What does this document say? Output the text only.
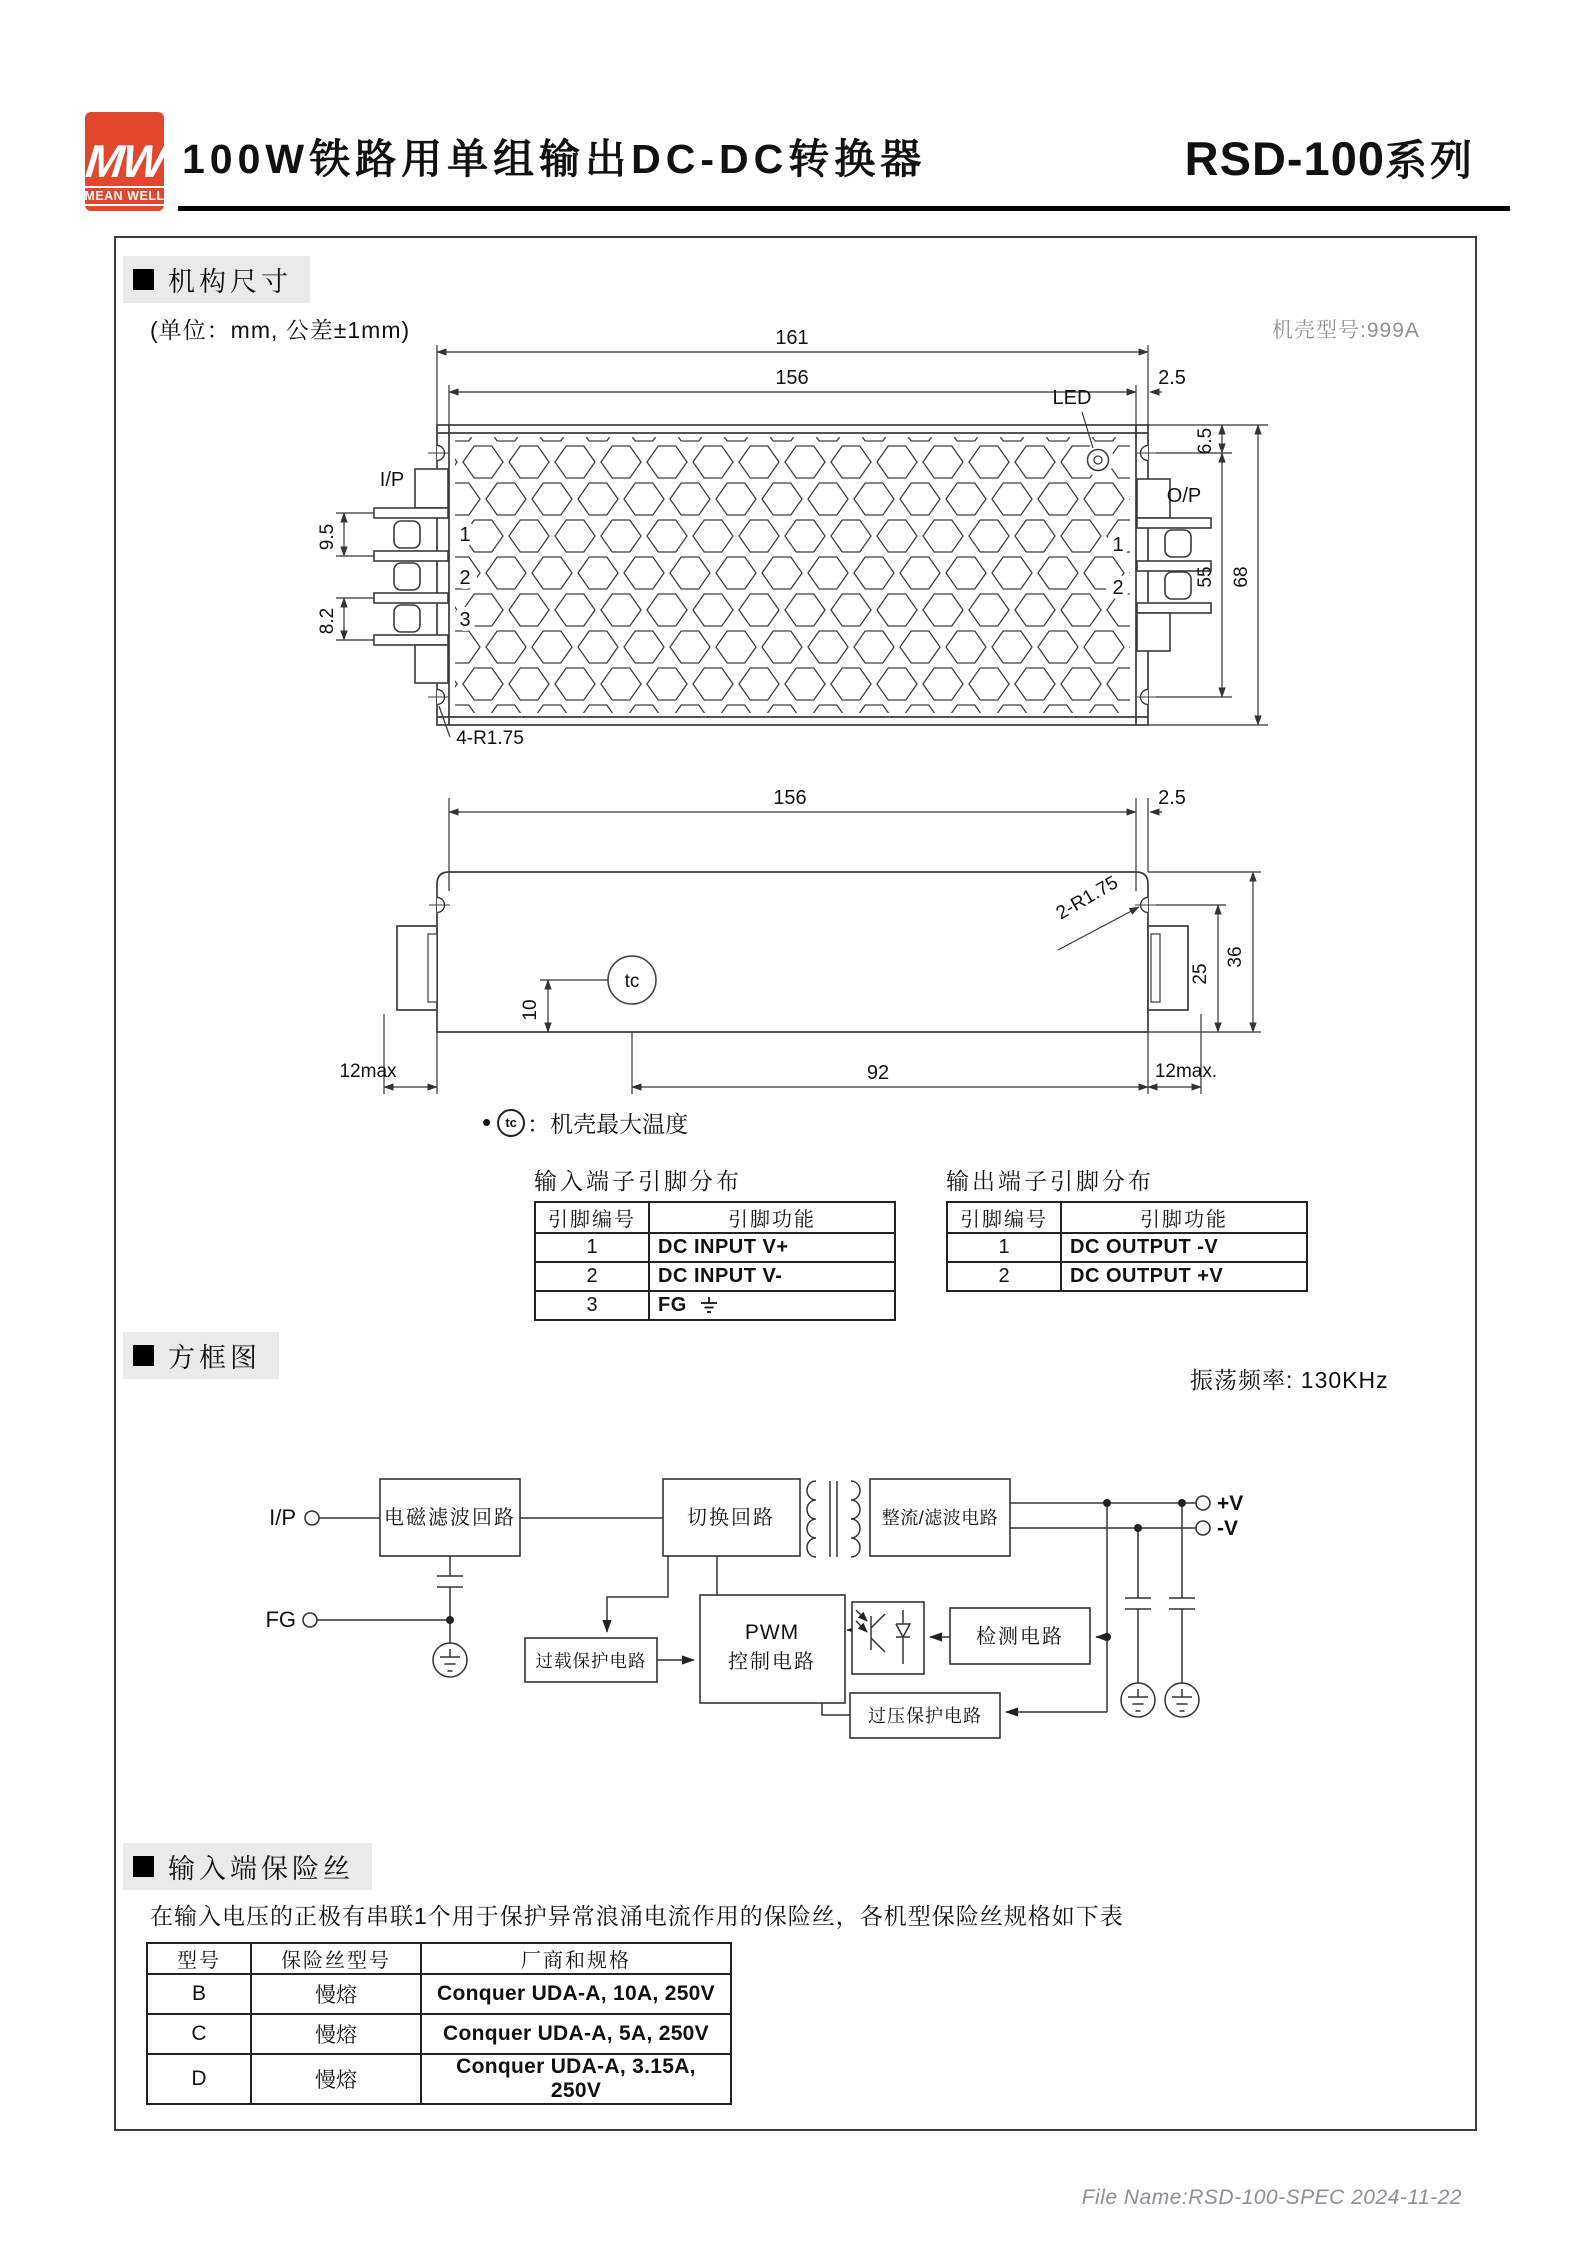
MW
MEAN WELL
100W铁路用单组输出DC-DC转换器	RSD-100系列
机构尺寸
(单位：mm, 公差±1mm)	机壳型号:999A
161
156	2.5
LED
I/P
O/P
1
2
3
1
2
9.5
8.2
6.5
55 68
4-R1.75
tc
156	2.5
2-R1.75
25
36
10
92
12max	12max.
•	tc ：机壳最大温度
输入端子引脚分布
引脚编号	引脚功能
1	DC INPUT V+
2	DC INPUT V-
3	FG
输出端子引脚分布
引脚编号	引脚功能
1	DC OUTPUT -V
2	DC OUTPUT +V
方框图
振荡频率: 130KHz
I/P
FG
电磁滤波回路	切换回路	整流/滤波电路
PWM
控制电路
过载保护电路
检测电路
过压保护电路
+V
-V
输入端保险丝
在输入电压的正极有串联1个用于保护异常浪涌电流作用的保险丝，各机型保险丝规格如下表
型号	保险丝型号	厂商和规格
B	慢熔	Conquer UDA-A, 10A, 250V
C	慢熔	Conquer UDA-A, 5A, 250V
D	慢熔	Conquer UDA-A, 3.15A, 250V
File Name:RSD-100-SPEC 2024-11-22
